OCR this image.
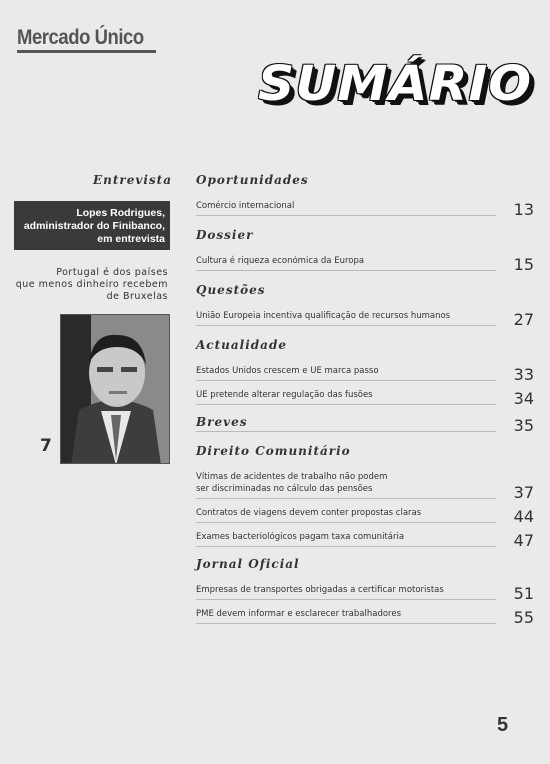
Mercado Único
SUMÁRIO
Entrevista
Lopes Rodrigues,
administrador do Finibanco,
em entrevista
Portugal é dos países
que menos dinheiro recebem
de Bruxelas
7
Oportunidades
Comércio internacional	13
Dossier
Cultura é riqueza económica da Europa	15
Questões
União Europeia incentiva qualificação de recursos humanos	27
Actualidade
Estados Unidos crescem e UE marca passo	33
UE pretende alterar regulação das fusões	34
Breves	35
Direito Comunitário
Vítimas de acidentes de trabalho não podem
ser discriminadas no cálculo das pensões	37
Contratos de viagens devem conter propostas claras	44
Exames bacteriológicos pagam taxa comunitária	47
Jornal Oficial
Empresas de transportes obrigadas a certificar motoristas	51
PME devem informar e esclarecer trabalhadores	55
5
